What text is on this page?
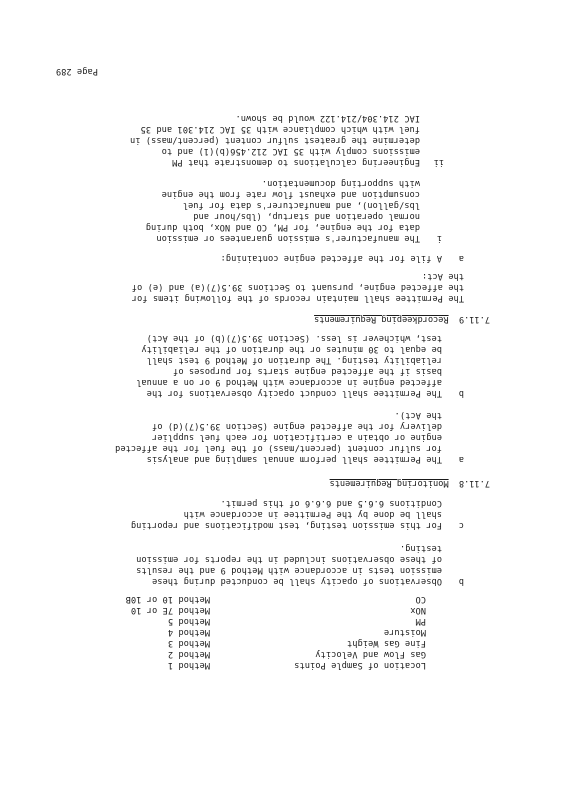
Location of Sample Points
Method 1
Gas Flow and Velocity
Method 2
Fine Gas Weight
Method 3
Moisture
Method 4
PM
Method 5
NOx
Method 7E or 10
CO
Method 10 or 10B
b
Observations of opacity shall be conducted during these
emission tests in accordance with Method 9 and the results
of these observations included in the reports for emission
testing.
c
For this emission testing, test modifications and reporting
shall be done by the Permittee in accordance with
Conditions 6.6.5 and 6.6.6 of this permit.
7.11.8  Monitoring Requirements
a
The Permittee shall perform annual sampling and analysis
for sulfur content (percent/mass) of the fuel for the affected
engine or obtain a certification for each fuel supplier
delivery for the affected engine (Section 39.5(7)(d) of
the Act).
b
The Permittee shall conduct opacity observations for the
affected engine in accordance with Method 9 or on a annual
basis if the affected engine starts for purposes of
reliability testing. The duration of Method 9 test shall
be equal to 30 minutes or the duration of the reliability
test, whichever is less. (Section 39.5(7)(b) of the Act)
7.11.9  Recordkeeping Requirements
The Permittee shall maintain records of the following items for
the affected engine, pursuant to Sections 39.5(7)(a) and (e) of
the Act:
a
A file for the affected engine containing:
i
The manufacturer's emission guarantees or emission
data for the engine, for PM, CO and NOx, both during
normal operation and startup, (lbs/hour and
lbs/gallon), and manufacturer's data for fuel
consumption and exhaust flow rate from the engine
with supporting documentation.
ii
Engineering calculations to demonstrate that PM
emissions comply with 35 IAC 212.456(b)(1) and to
determine the greatest sulfur content (percent/mass) in
fuel with which compliance with 35 IAC 214.301 and 35
IAC 214.304/214.122 would be shown.
Page 289
